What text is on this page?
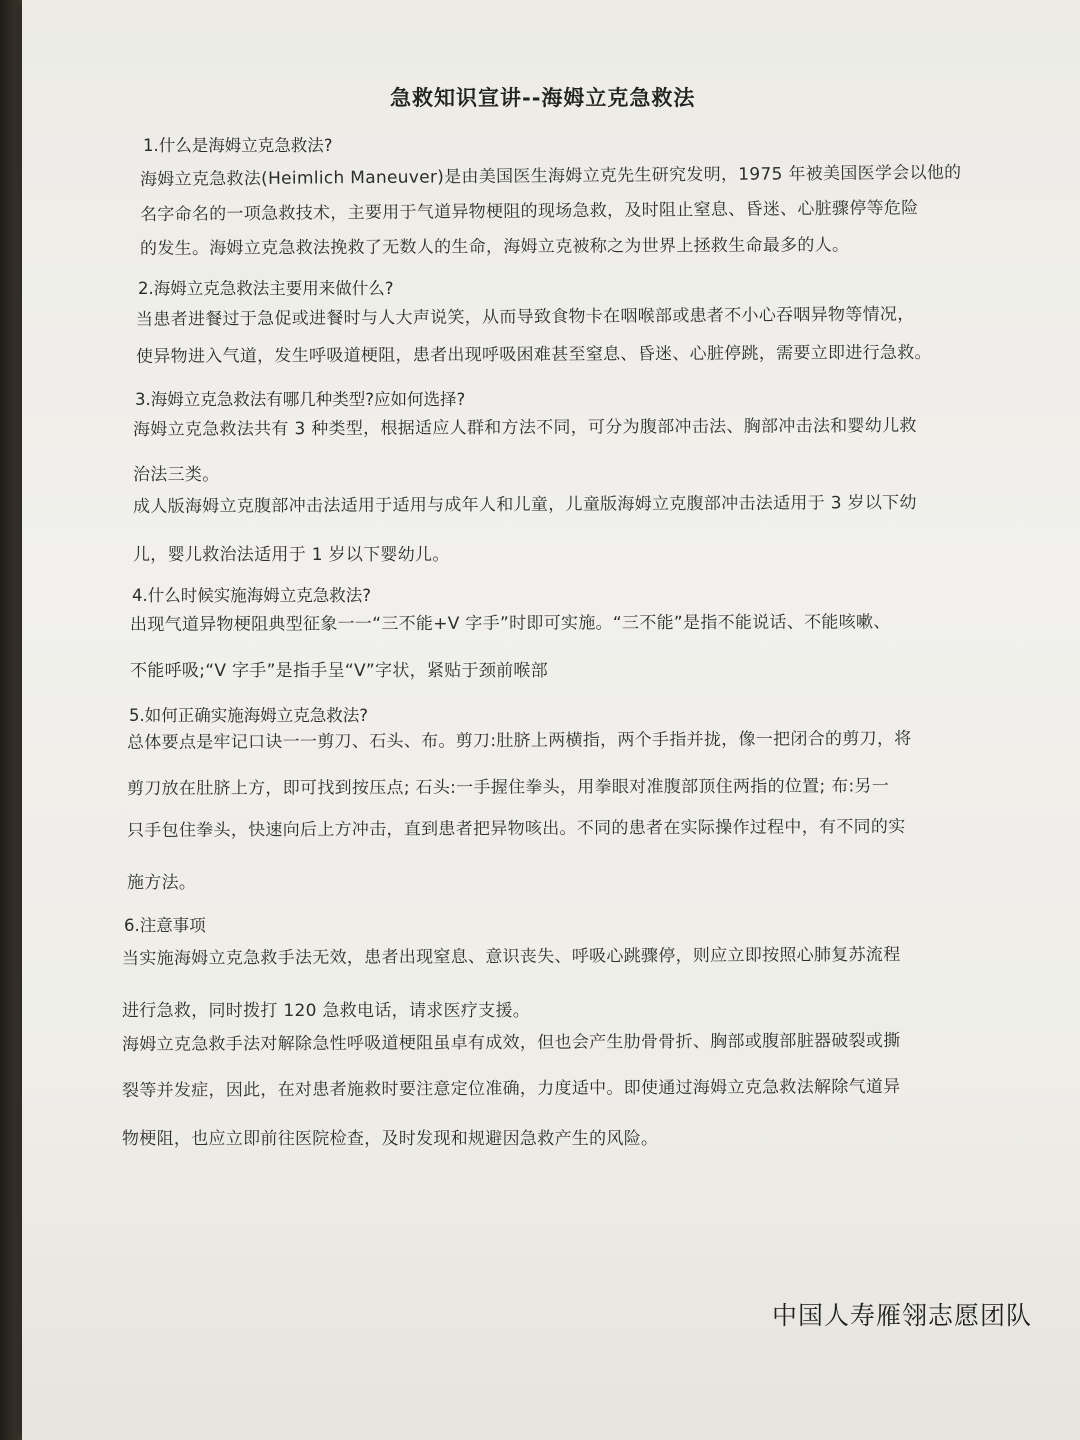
急救知识宣讲--海姆立克急救法
1.什么是海姆立克急救法?
海姆立克急救法(Heimlich Maneuver)是由美国医生海姆立克先生研究发明，1975 年被美国医学会以他的
名字命名的一项急救技术，主要用于气道异物梗阻的现场急救，及时阻止窒息、昏迷、心脏骤停等危险
的发生。海姆立克急救法挽救了无数人的生命，海姆立克被称之为世界上拯救生命最多的人。
2.海姆立克急救法主要用来做什么?
当患者进餐过于急促或进餐时与人大声说笑，从而导致食物卡在咽喉部或患者不小心吞咽异物等情况，
使异物进入气道，发生呼吸道梗阻，患者出现呼吸困难甚至窒息、昏迷、心脏停跳，需要立即进行急救。
3.海姆立克急救法有哪几种类型?应如何选择?
海姆立克急救法共有 3 种类型，根据适应人群和方法不同，可分为腹部冲击法、胸部冲击法和婴幼儿救
治法三类。
成人版海姆立克腹部冲击法适用于适用与成年人和儿童，儿童版海姆立克腹部冲击法适用于 3 岁以下幼
儿，婴儿救治法适用于 1 岁以下婴幼儿。
4.什么时候实施海姆立克急救法?
出现气道异物梗阻典型征象一一“三不能+V 字手”时即可实施。“三不能”是指不能说话、不能咳嗽、
不能呼吸;“V 字手”是指手呈“V”字状，紧贴于颈前喉部
5.如何正确实施海姆立克急救法?
总体要点是牢记口诀一一剪刀、石头、布。剪刀:肚脐上两横指，两个手指并拢，像一把闭合的剪刀，将
剪刀放在肚脐上方，即可找到按压点; 石头:一手握住拳头，用拳眼对准腹部顶住两指的位置; 布:另一
只手包住拳头，快速向后上方冲击，直到患者把异物咳出。不同的患者在实际操作过程中，有不同的实
施方法。
6.注意事项
当实施海姆立克急救手法无效，患者出现窒息、意识丧失、呼吸心跳骤停，则应立即按照心肺复苏流程
进行急救，同时拨打 120 急救电话，请求医疗支援。
海姆立克急救手法对解除急性呼吸道梗阻虽卓有成效，但也会产生肋骨骨折、胸部或腹部脏器破裂或撕
裂等并发症，因此，在对患者施救时要注意定位准确，力度适中。即使通过海姆立克急救法解除气道异
物梗阻，也应立即前往医院检查，及时发现和规避因急救产生的风险。
中国人寿雁翎志愿团队
